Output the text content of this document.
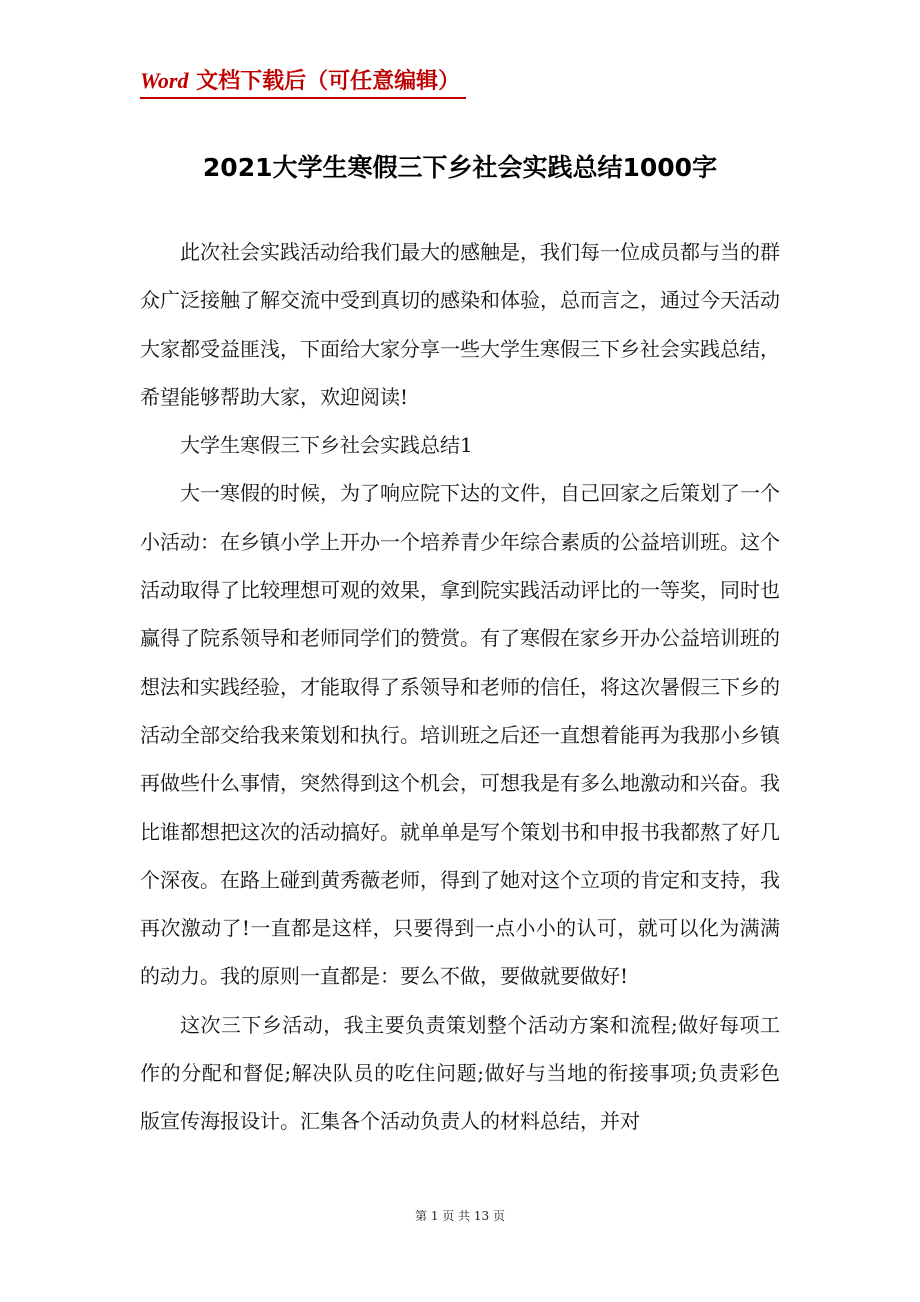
Word 文档下载后（可任意编辑）
2021大学生寒假三下乡社会实践总结1000字

此次社会实践活动给我们最大的感触是，我们每一位成员都与当的群众广泛接触了解交流中受到真切的感染和体验，总而言之，通过今天活动大家都受益匪浅，下面给大家分享一些大学生寒假三下乡社会实践总结，希望能够帮助大家，欢迎阅读!

大学生寒假三下乡社会实践总结1

大一寒假的时候，为了响应院下达的文件，自己回家之后策划了一个小活动：在乡镇小学上开办一个培养青少年综合素质的公益培训班。这个活动取得了比较理想可观的效果，拿到院实践活动评比的一等奖，同时也赢得了院系领导和老师同学们的赞赏。有了寒假在家乡开办公益培训班的想法和实践经验，才能取得了系领导和老师的信任，将这次暑假三下乡的活动全部交给我来策划和执行。培训班之后还一直想着能再为我那小乡镇再做些什么事情，突然得到这个机会，可想我是有多么地激动和兴奋。我比谁都想把这次的活动搞好。就单单是写个策划书和申报书我都熬了好几个深夜。在路上碰到黄秀薇老师，得到了她对这个立项的肯定和支持，我再次激动了!一直都是这样，只要得到一点小小的认可，就可以化为满满的动力。我的原则一直都是：要么不做，要做就要做好!

这次三下乡活动，我主要负责策划整个活动方案和流程;做好每项工作的分配和督促;解决队员的吃住问题;做好与当地的衔接事项;负责彩色版宣传海报设计。汇集各个活动负责人的材料总结，并对

第 1 页 共 13 页
